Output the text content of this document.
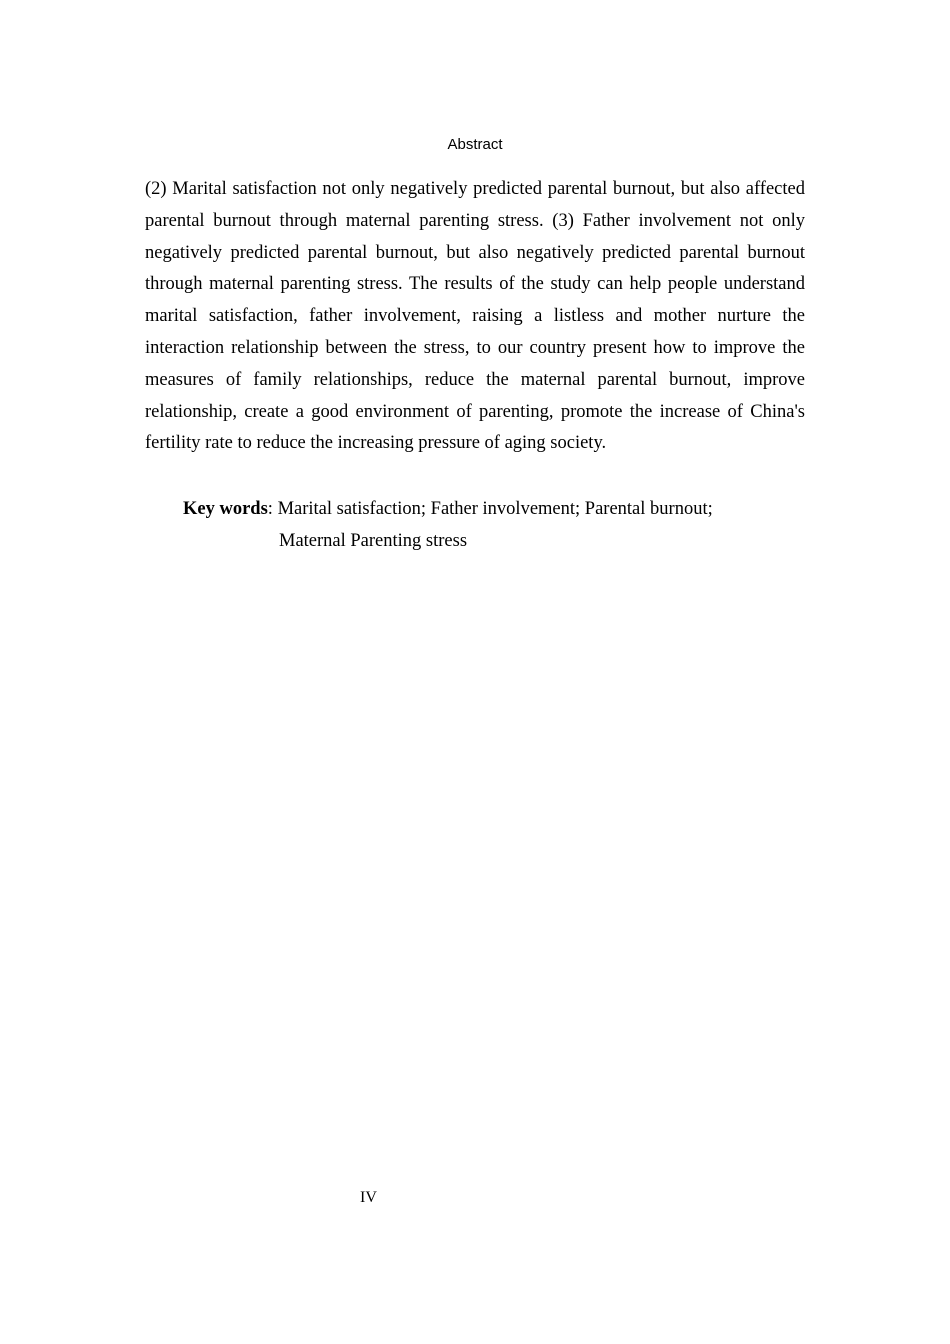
Abstract

(2) Marital satisfaction not only negatively predicted parental burnout, but also affected parental burnout through maternal parenting stress. (3) Father involvement not only negatively predicted parental burnout, but also negatively predicted parental burnout through maternal parenting stress. The results of the study can help people understand marital satisfaction, father involvement, raising a listless and mother nurture the interaction relationship between the stress, to our country present how to improve the measures of family relationships, reduce the maternal parental burnout, improve relationship, create a good environment of parenting, promote the increase of China's fertility rate to reduce the increasing pressure of aging society.

Key words: Marital satisfaction; Father involvement; Parental burnout;
Maternal Parenting stress
IV
